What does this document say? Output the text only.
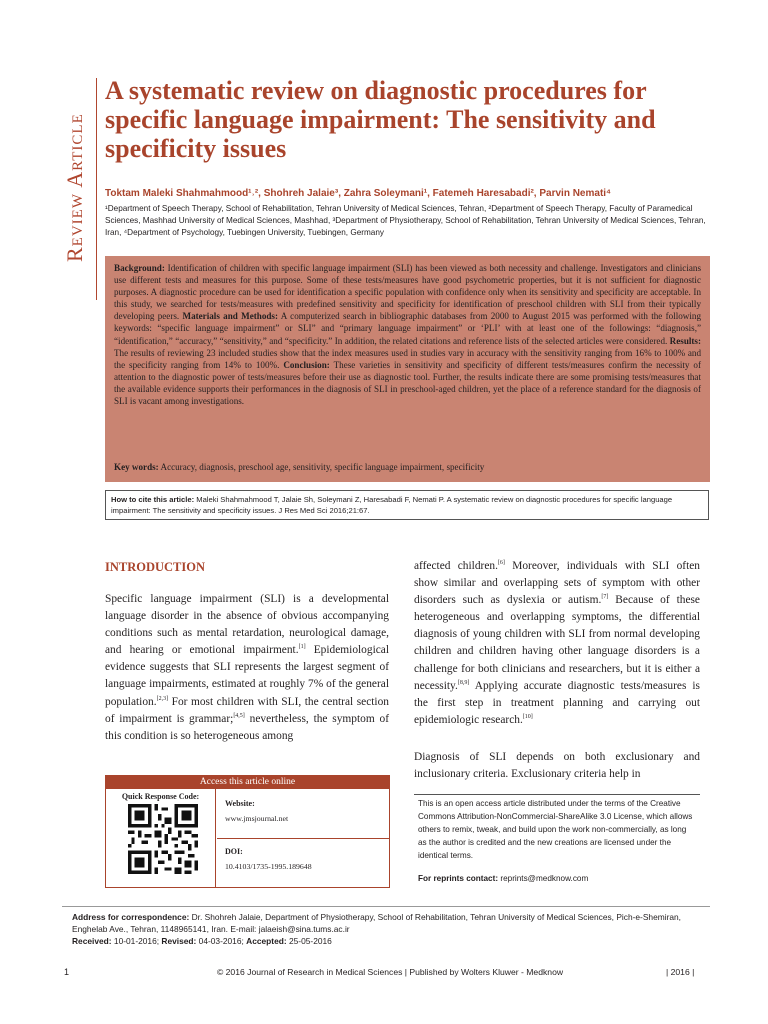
Review Article
A systematic review on diagnostic procedures for specific language impairment: The sensitivity and specificity issues
Toktam Maleki Shahmahmood¹˒², Shohreh Jalaie³, Zahra Soleymani¹, Fatemeh Haresabadi², Parvin Nemati⁴
¹Department of Speech Therapy, School of Rehabilitation, Tehran University of Medical Sciences, Tehran, ²Department of Speech Therapy, Faculty of Paramedical Sciences, Mashhad University of Medical Sciences, Mashhad, ³Department of Physiotherapy, School of Rehabilitation, Tehran University of Medical Sciences, Tehran, Iran, ⁴Department of Psychology, Tuebingen University, Tuebingen, Germany

Background: Identification of children with specific language impairment (SLI) has been viewed as both necessity and challenge. Investigators and clinicians use different tests and measures for this purpose. Some of these tests/measures have good psychometric properties, but it is not sufficient for diagnostic purposes. A diagnostic procedure can be used for identification a specific population with confidence only when its sensitivity and specificity are acceptable. In this study, we searched for tests/measures with predefined sensitivity and specificity for identification of preschool children with SLI from their typically developing peers. Materials and Methods: A computerized search in bibliographic databases from 2000 to August 2015 was performed with the following keywords: “specific language impairment” or SLI” and “primary language impairment” or ‘PLI’ with at least one of the followings: “diagnosis,” “identification,” “accuracy,” “sensitivity,” and “specificity.” In addition, the related citations and reference lists of the selected articles were considered. Results: The results of reviewing 23 included studies show that the index measures used in studies vary in accuracy with the sensitivity ranging from 16% to 100% and the specificity ranging from 14% to 100%. Conclusion: These varieties in sensitivity and specificity of different tests/measures confirm the necessity of attention to the diagnostic power of tests/measures before their use as diagnostic tool. Further, the results indicate there are some promising tests/measures that the available evidence supports their performances in the diagnosis of SLI in preschool-aged children, yet the place of a reference standard for the diagnosis of SLI is vacant among investigations.

Key words: Accuracy, diagnosis, preschool age, sensitivity, specific language impairment, specificity

How to cite this article: Maleki Shahmahmood T, Jalaie Sh, Soleymani Z, Haresabadi F, Nemati P. A systematic review on diagnostic procedures for specific language impairment: The sensitivity and specificity issues. J Res Med Sci 2016;21:67.
INTRODUCTION

Specific language impairment (SLI) is a developmental language disorder in the absence of obvious accompanying conditions such as mental retardation, neurological damage, and hearing or emotional impairment.[1] Epidemiological evidence suggests that SLI represents the largest segment of language impairments, estimated at roughly 7% of the general population.[2,3] For most children with SLI, the central section of impairment is grammar;[4,5] nevertheless, the symptom of this condition is so heterogeneous among

affected children.[6] Moreover, individuals with SLI often show similar and overlapping sets of symptom with other disorders such as dyslexia or autism.[7] Because of these heterogeneous and overlapping symptoms, the differential diagnosis of young children with SLI from normal developing children and children having other language disorders is a challenge for both clinicians and researchers, but it is either a necessity.[8,9] Applying accurate diagnostic tests/measures is the first step in treatment planning and carrying out epidemiologic research.[10]

Diagnosis of SLI depends on both exclusionary and inclusionary criteria. Exclusionary criteria help in

Access this article online
Quick Response Code:
Website:
www.jmsjournal.net
DOI:
10.4103/1735-1995.189648
This is an open access article distributed under the terms of the Creative Commons Attribution-NonCommercial-ShareAlike 3.0 License, which allows others to remix, tweak, and build upon the work non-commercially, as long as the author is credited and the new creations are licensed under the identical terms.
For reprints contact: reprints@medknow.com
Address for correspondence: Dr. Shohreh Jalaie, Department of Physiotherapy, School of Rehabilitation, Tehran University of Medical Sciences, Pich-e-Shemiran, Enghelab Ave., Tehran, 1148965141, Iran. E-mail: jalaeish@sina.tums.ac.ir
Received: 10-01-2016; Revised: 04-03-2016; Accepted: 25-05-2016
1	© 2016 Journal of Research in Medical Sciences | Published by Wolters Kluwer - Medknow	| 2016 |
